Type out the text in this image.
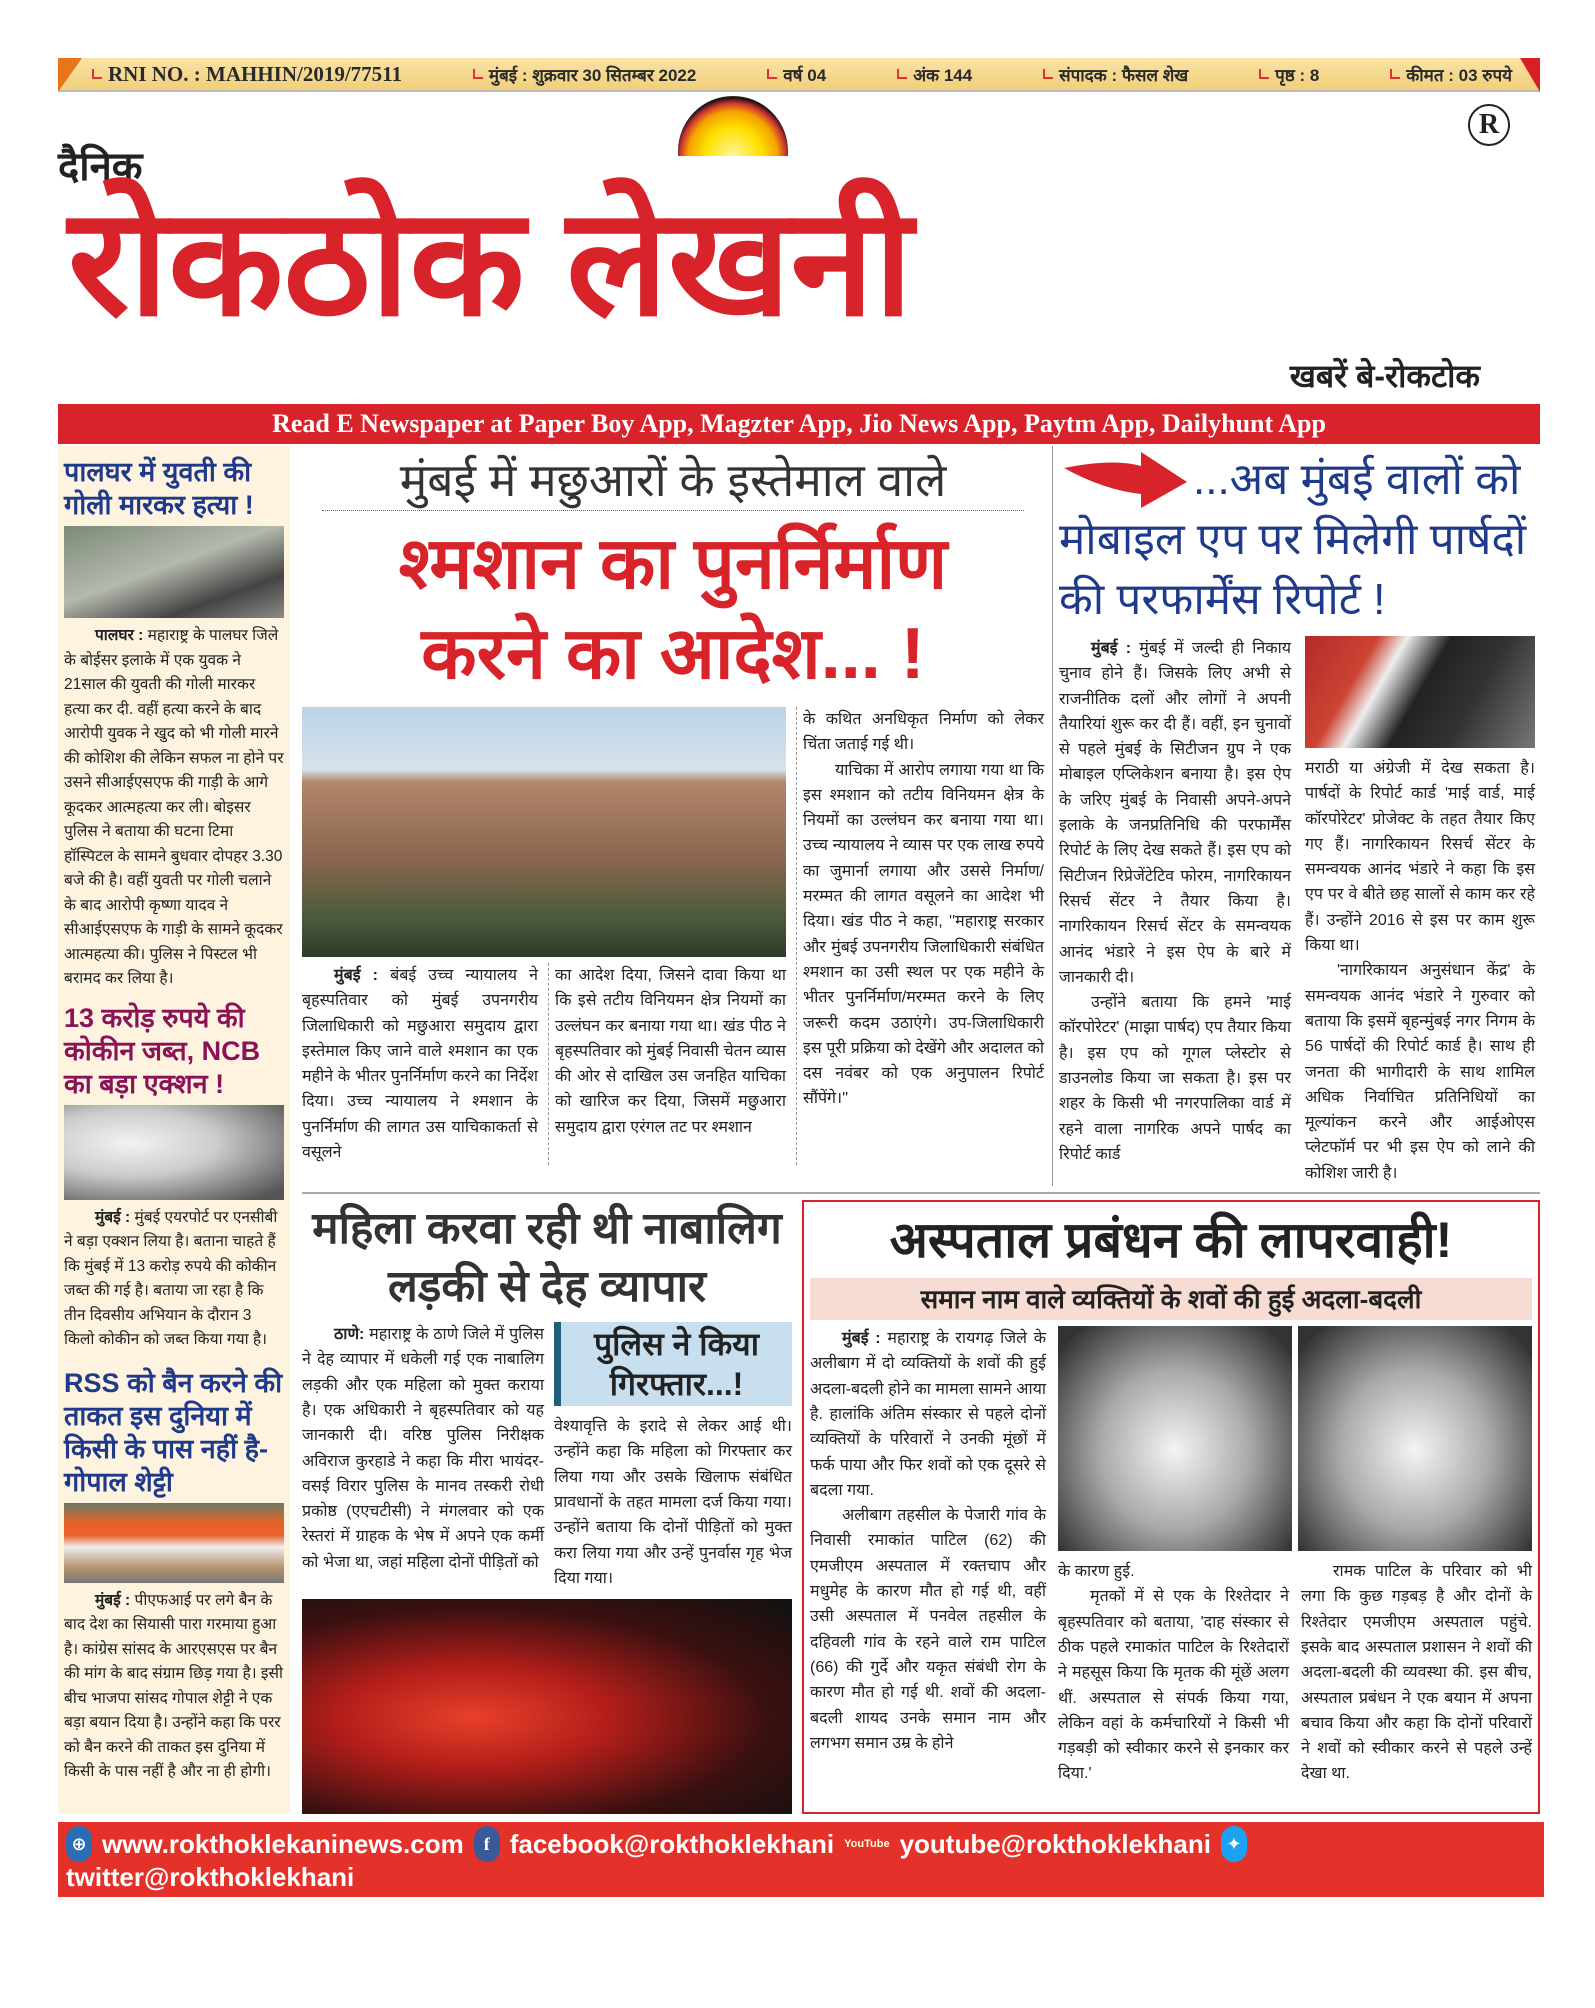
RNI NO. : MAHHIN/2019/77511	मुंबई : शुक्रवार 30 सितम्बर 2022	वर्ष 04	अंक 144	संपादक : फैसल शेख	पृष्ठ : 8	कीमत : 03 रुपये
दैनिक
रोकठोक लेखनी
R
खबरें बे-रोकटोक
Read E Newspaper at Paper Boy App, Magzter App, Jio News App, Paytm App, Dailyhunt App
पालघर में युवती की गोली मारकर हत्या !

पालघर : महाराष्ट्र के पालघर जिले के बोईसर इलाके में एक युवक ने 21साल की युवती की गोली मारकर हत्या कर दी. वहीं हत्या करने के बाद आरोपी युवक ने खुद को भी गोली मारने की कोशिश की लेकिन सफल ना होने पर उसने सीआईएसएफ की गाड़ी के आगे कूदकर आत्महत्या कर ली। बोइसर पुलिस ने बताया की घटना टिमा हॉस्पिटल के सामने बुधवार दोपहर 3.30 बजे की है। वहीं युवती पर गोली चलाने के बाद आरोपी कृष्णा यादव ने सीआईएसएफ के गाड़ी के सामने कूदकर आत्महत्या की। पुलिस ने पिस्टल भी बरामद कर लिया है।

13 करोड़ रुपये की कोकीन जब्त, NCB का बड़ा एक्शन !

मुंबई : मुंबई एयरपोर्ट पर एनसीबी ने बड़ा एक्शन लिया है। बताना चाहते हैं कि मुंबई में 13 करोड़ रुपये की कोकीन जब्त की गई है। बताया जा रहा है कि तीन दिवसीय अभियान के दौरान 3 किलो कोकीन को जब्त किया गया है।

RSS को बैन करने की ताकत इस दुनिया में किसी के पास नहीं है-गोपाल शेट्टी

मुंबई : पीएफआई पर लगे बैन के बाद देश का सियासी पारा गरमाया हुआ है। कांग्रेस सांसद के आरएसएस पर बैन की मांग के बाद संग्राम छिड़ गया है। इसी बीच भाजपा सांसद गोपाल शेट्टी ने एक बड़ा बयान दिया है। उन्होंने कहा कि परर को बैन करने की ताकत इस दुनिया में किसी के पास नहीं है और ना ही होगी।

मुंबई में मछुआरों के इस्तेमाल वाले
श्मशान का पुनर्निर्माण
करने का आदेश... !

मुंबई : बंबई उच्च न्यायालय ने बृहस्पतिवार को मुंबई उपनगरीय जिलाधिकारी को मछुआरा समुदाय द्वारा इस्तेमाल किए जाने वाले श्मशान का एक महीने के भीतर पुनर्निर्माण करने का निर्देश दिया। उच्च न्यायालय ने श्मशान के पुनर्निर्माण की लागत उस याचिकाकर्ता से वसूलने

का आदेश दिया, जिसने दावा किया था कि इसे तटीय विनियमन क्षेत्र नियमों का उल्लंघन कर बनाया गया था। खंड पीठ ने बृहस्पतिवार को मुंबई निवासी चेतन व्यास की ओर से दाखिल उस जनहित याचिका को खारिज कर दिया, जिसमें मछुआरा समुदाय द्वारा एरंगल तट पर श्मशान

के कथित अनधिकृत निर्माण को लेकर चिंता जताई गई थी।

याचिका में आरोप लगाया गया था कि इस श्मशान को तटीय विनियमन क्षेत्र के नियमों का उल्लंघन कर बनाया गया था। उच्च न्यायालय ने व्यास पर एक लाख रुपये का जुमार्ना लगाया और उससे निर्माण/मरम्मत की लागत वसूलने का आदेश भी दिया। खंड पीठ ने कहा, ''महाराष्ट्र सरकार और मुंबई उपनगरीय जिलाधिकारी संबंधित श्मशान का उसी स्थल पर एक महीने के भीतर पुनर्निर्माण/मरम्मत करने के लिए जरूरी कदम उठाएंगे। उप-जिलाधिकारी इस पूरी प्रक्रिया को देखेंगे और अदालत को दस नवंबर को एक अनुपालन रिपोर्ट सौंपेंगे।''

...अब मुंबई वालों को
मोबाइल एप पर मिलेगी पार्षदों
की परफार्मेंस रिपोर्ट !

मुंबई : मुंबई में जल्दी ही निकाय चुनाव होने हैं। जिसके लिए अभी से राजनीतिक दलों और लोगों ने अपनी तैयारियां शुरू कर दी हैं। वहीं, इन चुनावों से पहले मुंबई के सिटीजन ग्रुप ने एक मोबाइल एप्लिकेशन बनाया है। इस ऐप के जरिए मुंबई के निवासी अपने-अपने इलाके के जनप्रतिनिधि की परफार्मेंस रिपोर्ट के लिए देख सकते हैं। इस एप को सिटीजन रिप्रेजेंटेटिव फोरम, नागरिकायन रिसर्च सेंटर ने तैयार किया है। नागरिकायन रिसर्च सेंटर के समन्वयक आनंद भंडारे ने इस ऐप के बारे में जानकारी दी।

उन्होंने बताया कि हमने 'माई कॉरपोरेटर' (माझा पार्षद) एप तैयार किया है। इस एप को गूगल प्लेस्टोर से डाउनलोड किया जा सकता है। इस पर शहर के किसी भी नगरपालिका वार्ड में रहने वाला नागरिक अपने पार्षद का रिपोर्ट कार्ड

मराठी या अंग्रेजी में देख सकता है। पार्षदों के रिपोर्ट कार्ड 'माई वार्ड, माई कॉरपोरेटर' प्रोजेक्ट के तहत तैयार किए गए हैं। नागरिकायन रिसर्च सेंटर के समन्वयक आनंद भंडारे ने कहा कि इस एप पर वे बीते छह सालों से काम कर रहे हैं। उन्होंने 2016 से इस पर काम शुरू किया था।

'नागरिकायन अनुसंधान केंद्र' के समन्वयक आनंद भंडारे ने गुरुवार को बताया कि इसमें बृहन्मुंबई नगर निगम के 56 पार्षदों की रिपोर्ट कार्ड है। साथ ही जनता की भागीदारी के साथ शामिल अधिक निर्वाचित प्रतिनिधियों का मूल्यांकन करने और आईओएस प्लेटफॉर्म पर भी इस ऐप को लाने की कोशिश जारी है।

महिला करवा रही थी नाबालिग
लड़की से देह व्यापार

ठाणे: महाराष्ट्र के ठाणे जिले में पुलिस ने देह व्यापार में धकेली गई एक नाबालिग लड़की और एक महिला को मुक्त कराया है। एक अधिकारी ने बृहस्पतिवार को यह जानकारी दी। वरिष्ठ पुलिस निरीक्षक अविराज कुरहाडे ने कहा कि मीरा भायंदर-वसई विरार पुलिस के मानव तस्करी रोधी प्रकोष्ठ (एएचटीसी) ने मंगलवार को एक रेस्तरां में ग्राहक के भेष में अपने एक कर्मी को भेजा था, जहां महिला दोनों पीड़ितों को

पुलिस ने किया गिरफ्तार...!

वेश्यावृत्ति के इरादे से लेकर आई थी। उन्होंने कहा कि महिला को गिरफ्तार कर लिया गया और उसके खिलाफ संबंधित प्रावधानों के तहत मामला दर्ज किया गया। उन्होंने बताया कि दोनों पीड़ितों को मुक्त करा लिया गया और उन्हें पुनर्वास गृह भेज दिया गया।

अस्पताल प्रबंधन की लापरवाही!
समान नाम वाले व्यक्तियों के शवों की हुई अदला-बदली

मुंबई : महाराष्ट्र के रायगढ़ जिले के अलीबाग में दो व्यक्तियों के शवों की हुई अदला-बदली होने का मामला सामने आया है. हालांकि अंतिम संस्कार से पहले दोनों व्यक्तियों के परिवारों ने उनकी मूंछों में फर्क पाया और फिर शवों को एक दूसरे से बदला गया.

अलीबाग तहसील के पेजारी गांव के निवासी रमाकांत पाटिल (62) की एमजीएम अस्पताल में रक्तचाप और मधुमेह के कारण मौत हो गई थी, वहीं उसी अस्पताल में पनवेल तहसील के दहिवली गांव के रहने वाले राम पाटिल (66) की गुर्दे और यकृत संबंधी रोग के कारण मौत हो गई थी. शवों की अदला-बदली शायद उनके समान नाम और लगभग समान उम्र के होने

के कारण हुई.

मृतकों में से एक के रिश्तेदार ने बृहस्पतिवार को बताया, 'दाह संस्कार से ठीक पहले रमाकांत पाटिल के रिश्तेदारों ने महसूस किया कि मृतक की मूंछें अलग थीं. अस्पताल से संपर्क किया गया, लेकिन वहां के कर्मचारियों ने किसी भी गड़बड़ी को स्वीकार करने से इनकार कर दिया.'

रामक पाटिल के परिवार को भी लगा कि कुछ गड़बड़ है और दोनों के रिश्तेदार एमजीएम अस्पताल पहुंचे. इसके बाद अस्पताल प्रशासन ने शवों की अदला-बदली की व्यवस्था की. इस बीच, अस्पताल प्रबंधन ने एक बयान में अपना बचाव किया और कहा कि दोनों परिवारों ने शवों को स्वीकार करने से पहले उन्हें देखा था.

⊕ www.rokthoklekaninews.com	f facebook@rokthoklekhani YouTube youtube@rokthoklekhani ✦
twitter@rokthoklekhani
